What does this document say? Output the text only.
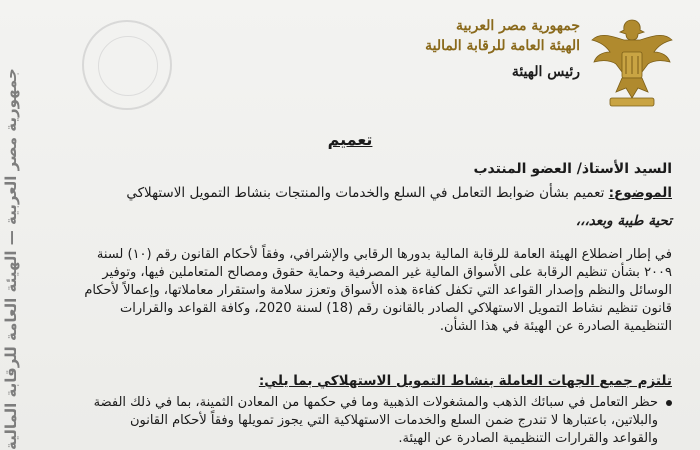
جمهورية مصر العربية — الهيئة العامة للرقابة المالية
جمهورية مصر العربية
الهيئة العامة للرقابة المالية
رئيس الهيئة
تعميم
السيد الأستاذ/ العضو المنتدب
الموضوع: تعميم بشأن ضوابط التعامل في السلع والخدمات والمنتجات بنشاط التمويل الاستهلاكي
تحية طيبة وبعد،،،
في إطار اضطلاع الهيئة العامة للرقابة المالية بدورها الرقابي والإشرافي، وفقاً لأحكام القانون رقم (١٠) لسنة
٢٠٠٩ بشأن تنظيم الرقابة على الأسواق المالية غير المصرفية وحماية حقوق ومصالح المتعاملين فيها، وتوفير
الوسائل والنظم وإصدار القواعد التي تكفل كفاءة هذه الأسواق وتعزز سلامة واستقرار معاملاتها، وإعمالاً لأحكام
قانون تنظيم نشاط التمويل الاستهلاكي الصادر بالقانون رقم (18) لسنة 2020، وكافة القواعد والقرارات
التنظيمية الصادرة عن الهيئة في هذا الشأن.
تلتزم جميع الجهات العاملة بنشاط التمويل الاستهلاكي بما يلي:
حظر التعامل في سبائك الذهب والمشغولات الذهبية وما في حكمها من المعادن الثمينة، بما في ذلك الفضة
والبلاتين، باعتبارها لا تندرج ضمن السلع والخدمات الاستهلاكية التي يجوز تمويلها وفقاً لأحكام القانون
والقواعد والقرارات التنظيمية الصادرة عن الهيئة.
